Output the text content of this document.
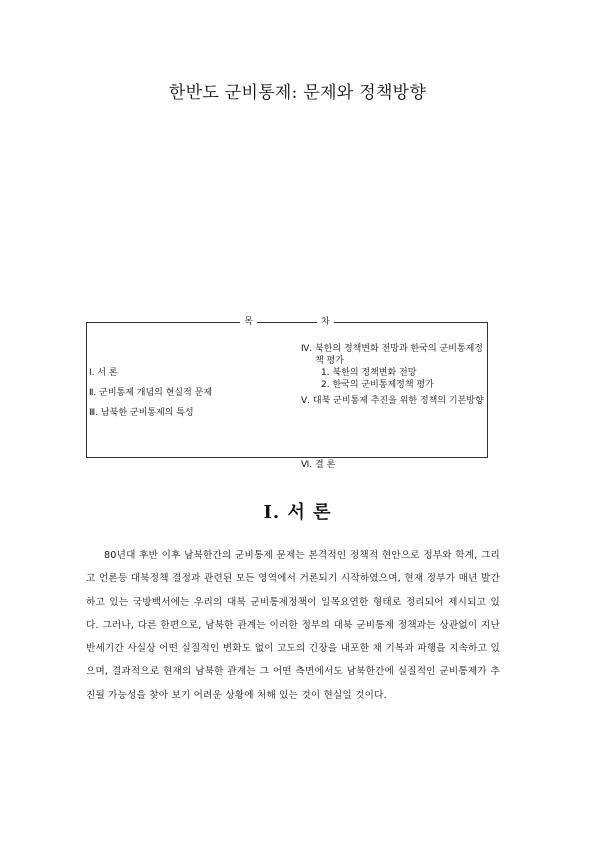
한반도 군비통제: 문제와 정책방향
목	차
Ⅰ. 서 론
Ⅱ. 군비통제 개념의 현실적 문제
Ⅲ. 남북한 군비통제의 특성
Ⅳ. 북한의 정책변화 전망과 한국의 군비통제정책 평가
1. 북한의 정책변화 전망
2. 한국의 군비통제정책 평가
Ⅴ. 대북 군비통제 추진을 위한 정책의 기본방향
Ⅵ. 결 론
Ⅰ. 서 론
80년대 후반 이후 남북한간의 군비통제 문제는 본격적인 정책적 현안으로 정부와 학계, 그리고 언론등 대북정책 결정과 관련된 모든 영역에서 거론되기 시작하였으며, 현재 정부가 매년 발간하고 있는 국방백서에는 우리의 대북 군비통제정책이 일목요연한 형태로 정리되어 제시되고 있다. 그러나, 다른 한편으로, 남북한 관계는 이러한 정부의 대북 군비통제 정책과는 상관없이 지난 반세기간 사실상 어떤 실질적인 변화도 없이 고도의 긴장을 내포한 채 기복과 파행을 지속하고 있으며, 결과적으로 현재의 남북한 관계는 그 어떤 측면에서도 남북한간에 실질적인 군비통제가 추진될 가능성을 찾아 보기 어려운 상황에 처해 있는 것이 현실일 것이다.
